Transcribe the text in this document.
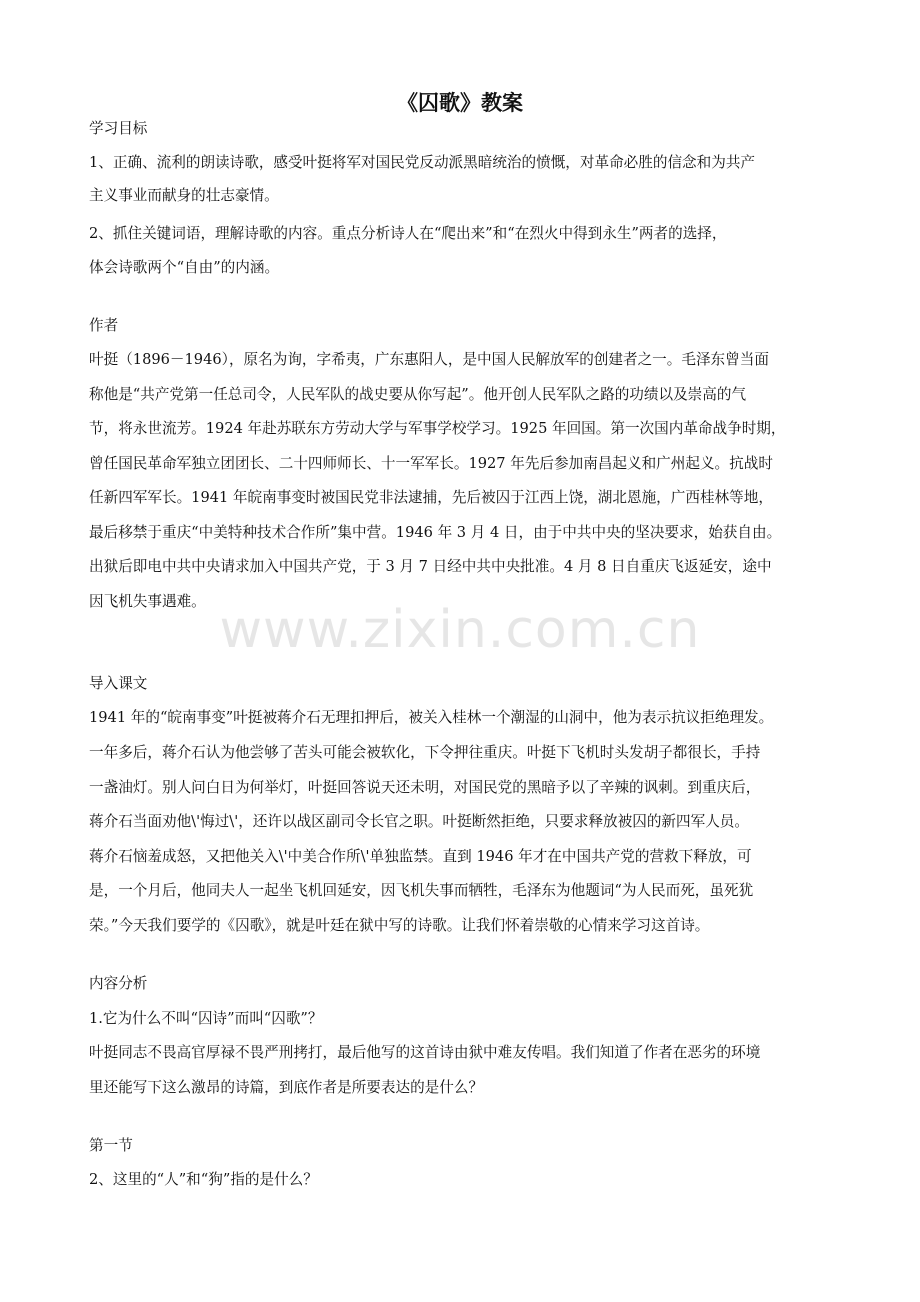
www.zixin.com.cn
《囚歌》教案
学习目标
1、正确、流利的朗读诗歌，感受叶挺将军对国民党反动派黑暗统治的愤慨，对革命必胜的信念和为共产
主义事业而献身的壮志豪情。
2、抓住关键词语，理解诗歌的内容。重点分析诗人在“爬出来”和“在烈火中得到永生”两者的选择，
体会诗歌两个“自由”的内涵。
作者
叶挺（1896－1946），原名为询，字希夷，广东惠阳人，是中国人民解放军的创建者之一。毛泽东曾当面
称他是“共产党第一任总司令，人民军队的战史要从你写起”。他开创人民军队之路的功绩以及崇高的气
节，将永世流芳。1924 年赴苏联东方劳动大学与军事学校学习。1925 年回国。第一次国内革命战争时期，
曾任国民革命军独立团团长、二十四师师长、十一军军长。1927 年先后参加南昌起义和广州起义。抗战时
任新四军军长。1941 年皖南事变时被国民党非法逮捕，先后被囚于江西上饶，湖北恩施，广西桂林等地，
最后移禁于重庆“中美特种技术合作所”集中营。1946 年 3 月 4 日，由于中共中央的坚决要求，始获自由。
出狱后即电中共中央请求加入中国共产党，于 3 月 7 日经中共中央批准。4 月 8 日自重庆飞返延安，途中
因飞机失事遇难。
导入课文
1941 年的“皖南事变”叶挺被蒋介石无理扣押后，被关入桂林一个潮湿的山洞中，他为表示抗议拒绝理发。
一年多后，蒋介石认为他尝够了苦头可能会被软化，下令押往重庆。叶挺下飞机时头发胡子都很长，手持
一盏油灯。别人问白日为何举灯，叶挺回答说天还未明，对国民党的黑暗予以了辛辣的讽刺。到重庆后，
蒋介石当面劝他\'悔过\'，还许以战区副司令长官之职。叶挺断然拒绝，只要求释放被囚的新四军人员。
蒋介石恼羞成怒，又把他关入\'中美合作所\'单独监禁。直到 1946 年才在中国共产党的营救下释放，可
是，一个月后，他同夫人一起坐飞机回延安，因飞机失事而牺牲，毛泽东为他题词“为人民而死，虽死犹
荣。”今天我们要学的《囚歌》，就是叶廷在狱中写的诗歌。让我们怀着崇敬的心情来学习这首诗。
内容分析
1.它为什么不叫“囚诗”而叫“囚歌”？
叶挺同志不畏高官厚禄不畏严刑拷打，最后他写的这首诗由狱中难友传唱。我们知道了作者在恶劣的环境
里还能写下这么激昂的诗篇，到底作者是所要表达的是什么？
第一节
2、这里的“人”和“狗”指的是什么？
